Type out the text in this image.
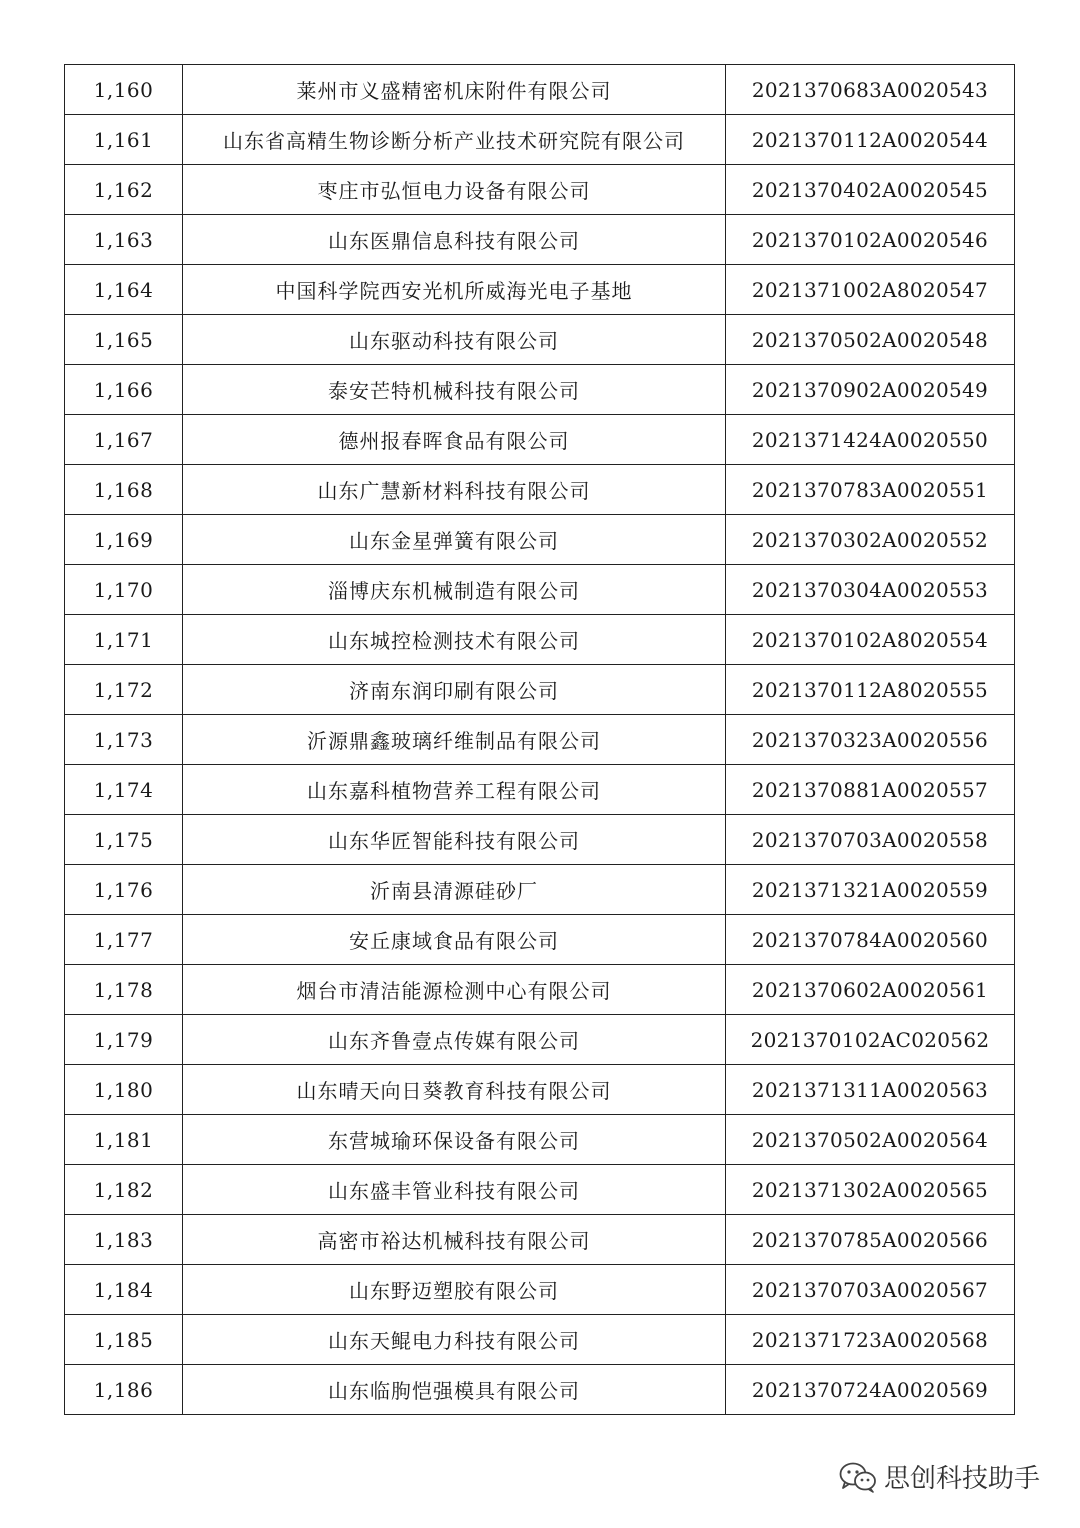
1,160	莱州市义盛精密机床附件有限公司	2021370683A0020543
1,161	山东省高精生物诊断分析产业技术研究院有限公司	2021370112A0020544
1,162	枣庄市弘恒电力设备有限公司	2021370402A0020545
1,163	山东医鼎信息科技有限公司	2021370102A0020546
1,164	中国科学院西安光机所威海光电子基地	2021371002A8020547
1,165	山东驱动科技有限公司	2021370502A0020548
1,166	泰安芒特机械科技有限公司	2021370902A0020549
1,167	德州报春晖食品有限公司	2021371424A0020550
1,168	山东广慧新材料科技有限公司	2021370783A0020551
1,169	山东金星弹簧有限公司	2021370302A0020552
1,170	淄博庆东机械制造有限公司	2021370304A0020553
1,171	山东城控检测技术有限公司	2021370102A8020554
1,172	济南东润印刷有限公司	2021370112A8020555
1,173	沂源鼎鑫玻璃纤维制品有限公司	2021370323A0020556
1,174	山东嘉科植物营养工程有限公司	2021370881A0020557
1,175	山东华匠智能科技有限公司	2021370703A0020558
1,176	沂南县清源硅砂厂	2021371321A0020559
1,177	安丘康域食品有限公司	2021370784A0020560
1,178	烟台市清洁能源检测中心有限公司	2021370602A0020561
1,179	山东齐鲁壹点传媒有限公司	2021370102AC020562
1,180	山东晴天向日葵教育科技有限公司	2021371311A0020563
1,181	东营城瑜环保设备有限公司	2021370502A0020564
1,182	山东盛丰管业科技有限公司	2021371302A0020565
1,183	高密市裕达机械科技有限公司	2021370785A0020566
1,184	山东野迈塑胶有限公司	2021370703A0020567
1,185	山东天鲲电力科技有限公司	2021371723A0020568
1,186	山东临朐恺强模具有限公司	2021370724A0020569
思创科技助手
